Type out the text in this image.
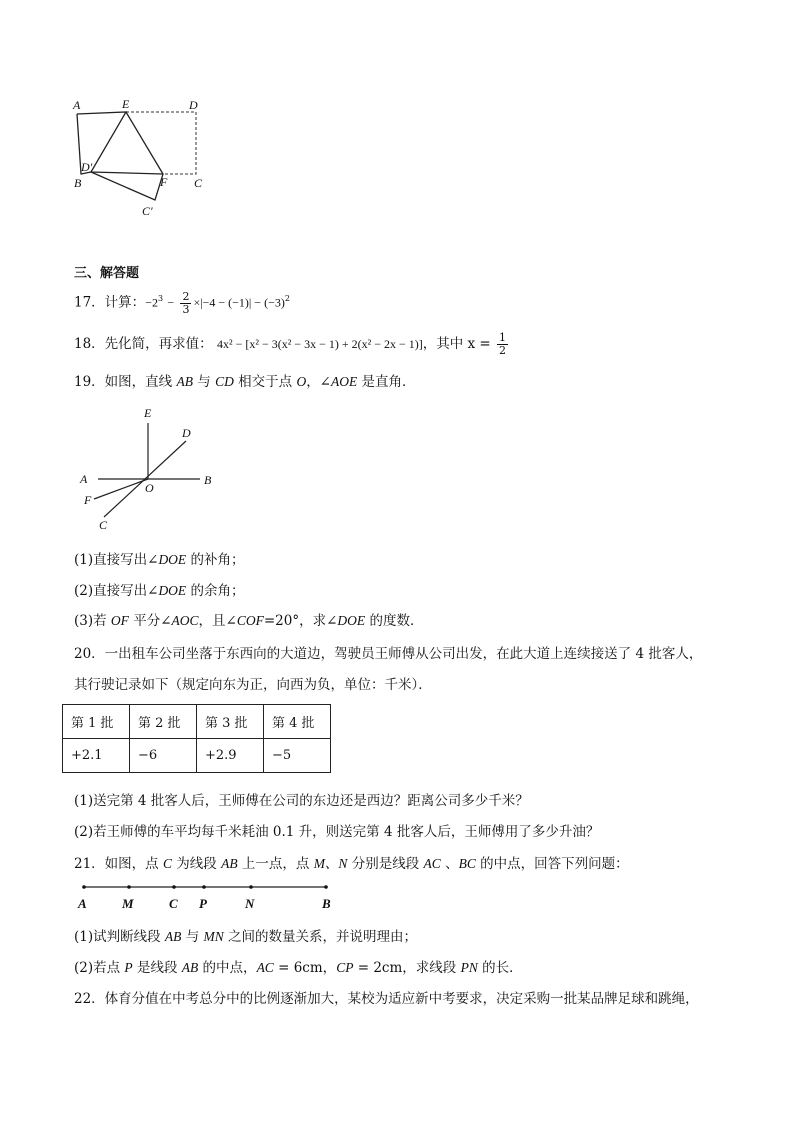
A	E	D
D′
B	F C
C′
三、解答题
17．计算：$-2^3 - \frac{2}{3} \times|-4 - (-1)| - (-3)^2$
18．先化简，再求值： 4x² − [x² − 3(x² − 3x − 1) + 2(x² − 2x − 1)]，其中 $x = \frac{1}{2}$
19．如图，直线 AB 与 CD 相交于点 O，∠AOE 是直角．
E
D
A	B
O
F
C
(1)直接写出∠DOE 的补角；
(2)直接写出∠DOE 的余角；
(3)若 OF 平分∠AOC，且∠COF=20°，求∠DOE 的度数．
20．一出租车公司坐落于东西向的大道边，驾驶员王师傅从公司出发，在此大道上连续接送了 4 批客人，
其行驶记录如下（规定向东为正，向西为负，单位：千米）．
第 1 批	第 2 批	第 3 批	第 4 批
+2.1	−6	+2.9	−5
(1)送完第 4 批客人后，王师傅在公司的东边还是西边？距离公司多少千米？
(2)若王师傅的车平均每千米耗油 0.1 升，则送完第 4 批客人后，王师傅用了多少升油？
21．如图，点 C 为线段 AB 上一点，点 M、N 分别是线段 AC 、BC 的中点，回答下列问题：
A	M	C P	N	B
(1)试判断线段 AB 与 MN 之间的数量关系，并说明理由；
(2)若点 P 是线段 AB 的中点，AC = 6cm，CP = 2cm，求线段 PN 的长．
22．体育分值在中考总分中的比例逐渐加大，某校为适应新中考要求，决定采购一批某品牌足球和跳绳，
